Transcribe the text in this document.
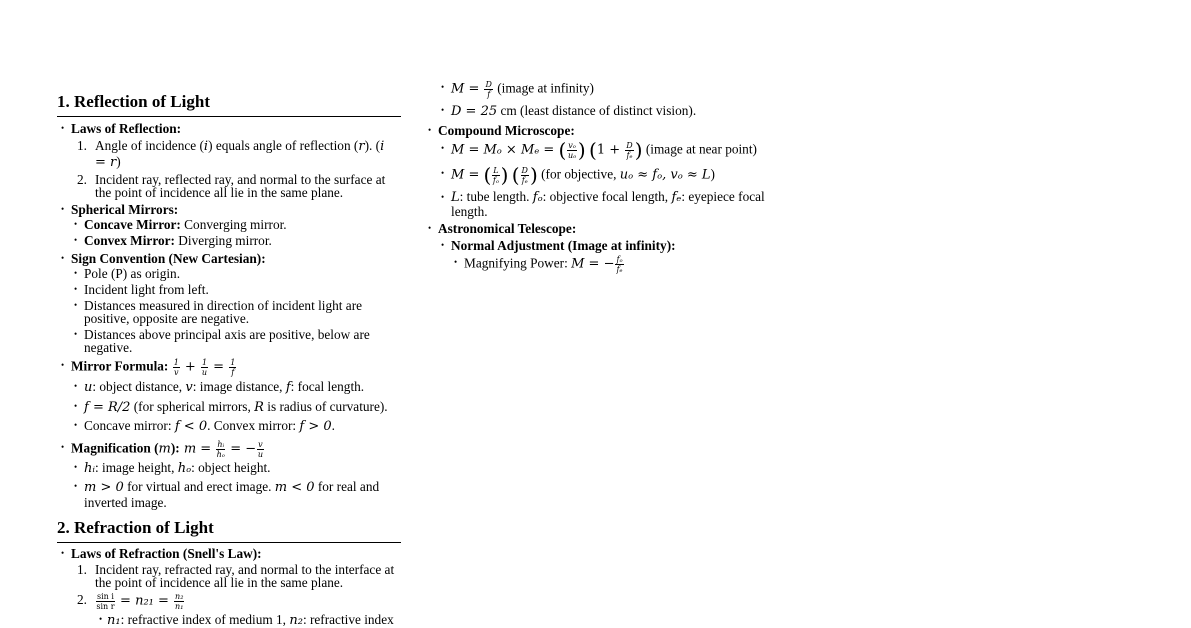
1. Reflection of Light
• Laws of Reflection:
1. Angle of incidence (i) equals angle of reflection (r). (i = r)
2. Incident ray, reflected ray, and normal to the surface at the point of incidence all lie in the same plane.
• Spherical Mirrors:
• Concave Mirror: Converging mirror.
• Convex Mirror: Diverging mirror.
• Sign Convention (New Cartesian):
• Pole (P) as origin.
• Incident light from left.
• Distances measured in direction of incident light are positive, opposite are negative.
• Distances above principal axis are positive, below are negative.
• Mirror Formula: $\frac{1}{v} + \frac{1}{u} = \frac{1}{f}$
• u: object distance, v: image distance, f: focal length.
• f = R/2 (for spherical mirrors, R is radius of curvature).
• Concave mirror: f < 0. Convex mirror: f > 0.
• Magnification (m): $m = \frac{\text{hᵢ}}{\text{hₒ}}$ = − $\frac{v}{u}$
• hᵢ: image height, hₒ: object height.
• m > 0 for virtual and erect image. m < 0 for real and inverted image.
2. Refraction of Light
• Laws of Refraction (Snell's Law):
1. Incident ray, refracted ray, and normal to the interface at the point of incidence all lie in the same plane.
2. $\frac{\text{sin i}}{\text{sin r}} = n_{21} = \frac{\text{n₂}}{\text{n₁}}$
• n₁: refractive index of medium 1, n₂: refractive index
• $M = \frac{D}{f}$ (image at infinity)
• D = 25 cm (least distance of distinct vision).
• Compound Microscope:
• M = Mₒ × Mₑ = ( $\frac{\text{vₒ}}{\text{uₒ}}$ ) ($1 + \frac{D}{\text{fₑ}}$ ) (image at near point)
• M = ( $\frac{L}{\text{fₒ}}$ ) ( $\frac{D}{\text{fₑ}}$ ) (for objective, uₒ ≈ fₒ, vₒ ≈ L)
• L: tube length. fₒ: objective focal length, fₑ: eyepiece focal length.
• Astronomical Telescope:
• Normal Adjustment (Image at infinity):
• Magnifying Power: M = − $\frac{\text{fₒ}}{\text{fₑ}}$
